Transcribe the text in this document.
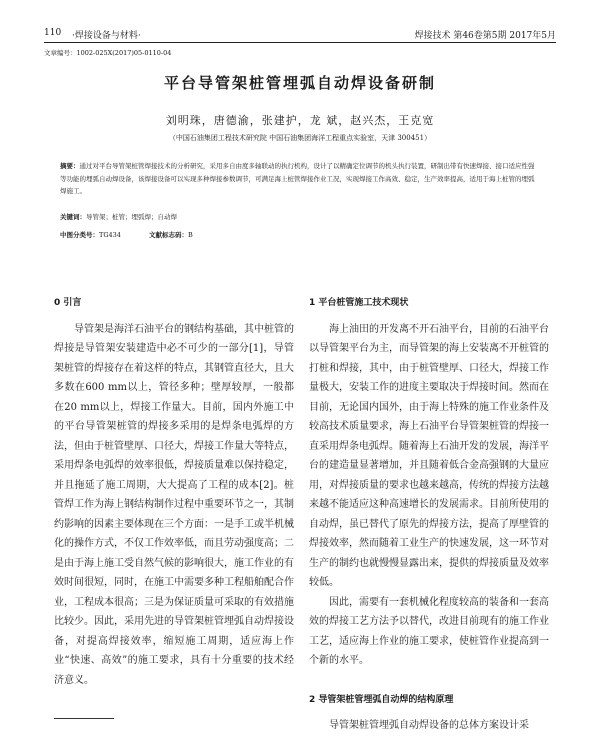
110 ·焊接设备与材料·	焊接技术 第46卷第5期 2017年5月
文章编号：1002-025X(2017)05-0110-04
平台导管架桩管埋弧自动焊设备研制
刘明珠，唐德渝，张建护，龙 斌，赵兴杰，王克宽
（中国石油集团工程技术研究院 中国石油集团海洋工程重点实验室，天津 300451）
摘要：通过对平台导管架桩管焊接技术的分析研究，采用多自由度多轴联动的执行机构，设计了以精确定位调节的机头执行装置，研制出带有快速焊接、接口适应性强等功能的埋弧自动焊设备，该焊接设备可以实现多种焊接参数调节，可满足海上桩管焊接作业工况，实现焊接工作高效、稳定，生产效率提高，适用于海上桩管的埋弧焊施工。
关键词：导管架；桩管；埋弧焊；自动焊
中图分类号：TG434	文献标志码：B
0 引言

导管架是海洋石油平台的钢结构基础，其中桩管的焊接是导管架安装建造中必不可少的一部分[1]，导管架桩管的焊接存在着这样的特点，其钢管直径大，且大多数在600 mm以上，管径多种；壁厚较厚，一般都在20 mm以上，焊接工作量大。目前，国内外施工中的平台导管架桩管的焊接多采用的是焊条电弧焊的方法，但由于桩管壁厚、口径大，焊接工作量大等特点，采用焊条电弧焊的效率很低，焊接质量难以保持稳定，并且拖延了施工周期，大大提高了工程的成本[2]。桩管焊工作为海上钢结构制作过程中重要环节之一，其制约影响的因素主要体现在三个方面：一是手工或半机械化的操作方式，不仅工作效率低，而且劳动强度高；二是由于海上施工受自然气候的影响很大，施工作业的有效时间很短，同时，在施工中需要多种工程船舶配合作业，工程成本很高；三是为保证质量可采取的有效措施比较少。因此，采用先进的导管架桩管埋弧自动焊接设备，对提高焊接效率，缩短施工周期，适应海上作业“快速、高效”的施工要求，具有十分重要的技术经济意义。

1 平台桩管施工技术现状

海上油田的开发离不开石油平台，目前的石油平台以导管架平台为主，而导管架的海上安装离不开桩管的打桩和焊接，其中，由于桩管壁厚、口径大，焊接工作量极大，安装工作的进度主要取决于焊接时间。然而在目前，无论国内国外，由于海上特殊的施工作业条件及较高技术质量要求，海上石油平台导管架桩管的焊接一直采用焊条电弧焊。随着海上石油开发的发展，海洋平台的建造量显著增加，并且随着低合金高强钢的大量应用，对焊接质量的要求也越来越高，传统的焊接方法越来越不能适应这种高速增长的发展需求。目前所使用的自动焊，虽已替代了原先的焊接方法，提高了厚壁管的焊接效率，然而随着工业生产的快速发展，这一环节对生产的制约也就慢慢显露出来，提供的焊接质量及效率较低。

因此，需要有一套机械化程度较高的装备和一套高效的焊接工艺方法予以替代，改进目前现有的施工作业工艺，适应海上作业的施工要求，使桩管作业提高到一个新的水平。

2 导管架桩管埋弧自动焊的结构原理

导管架桩管埋弧自动焊设备的总体方案设计采
